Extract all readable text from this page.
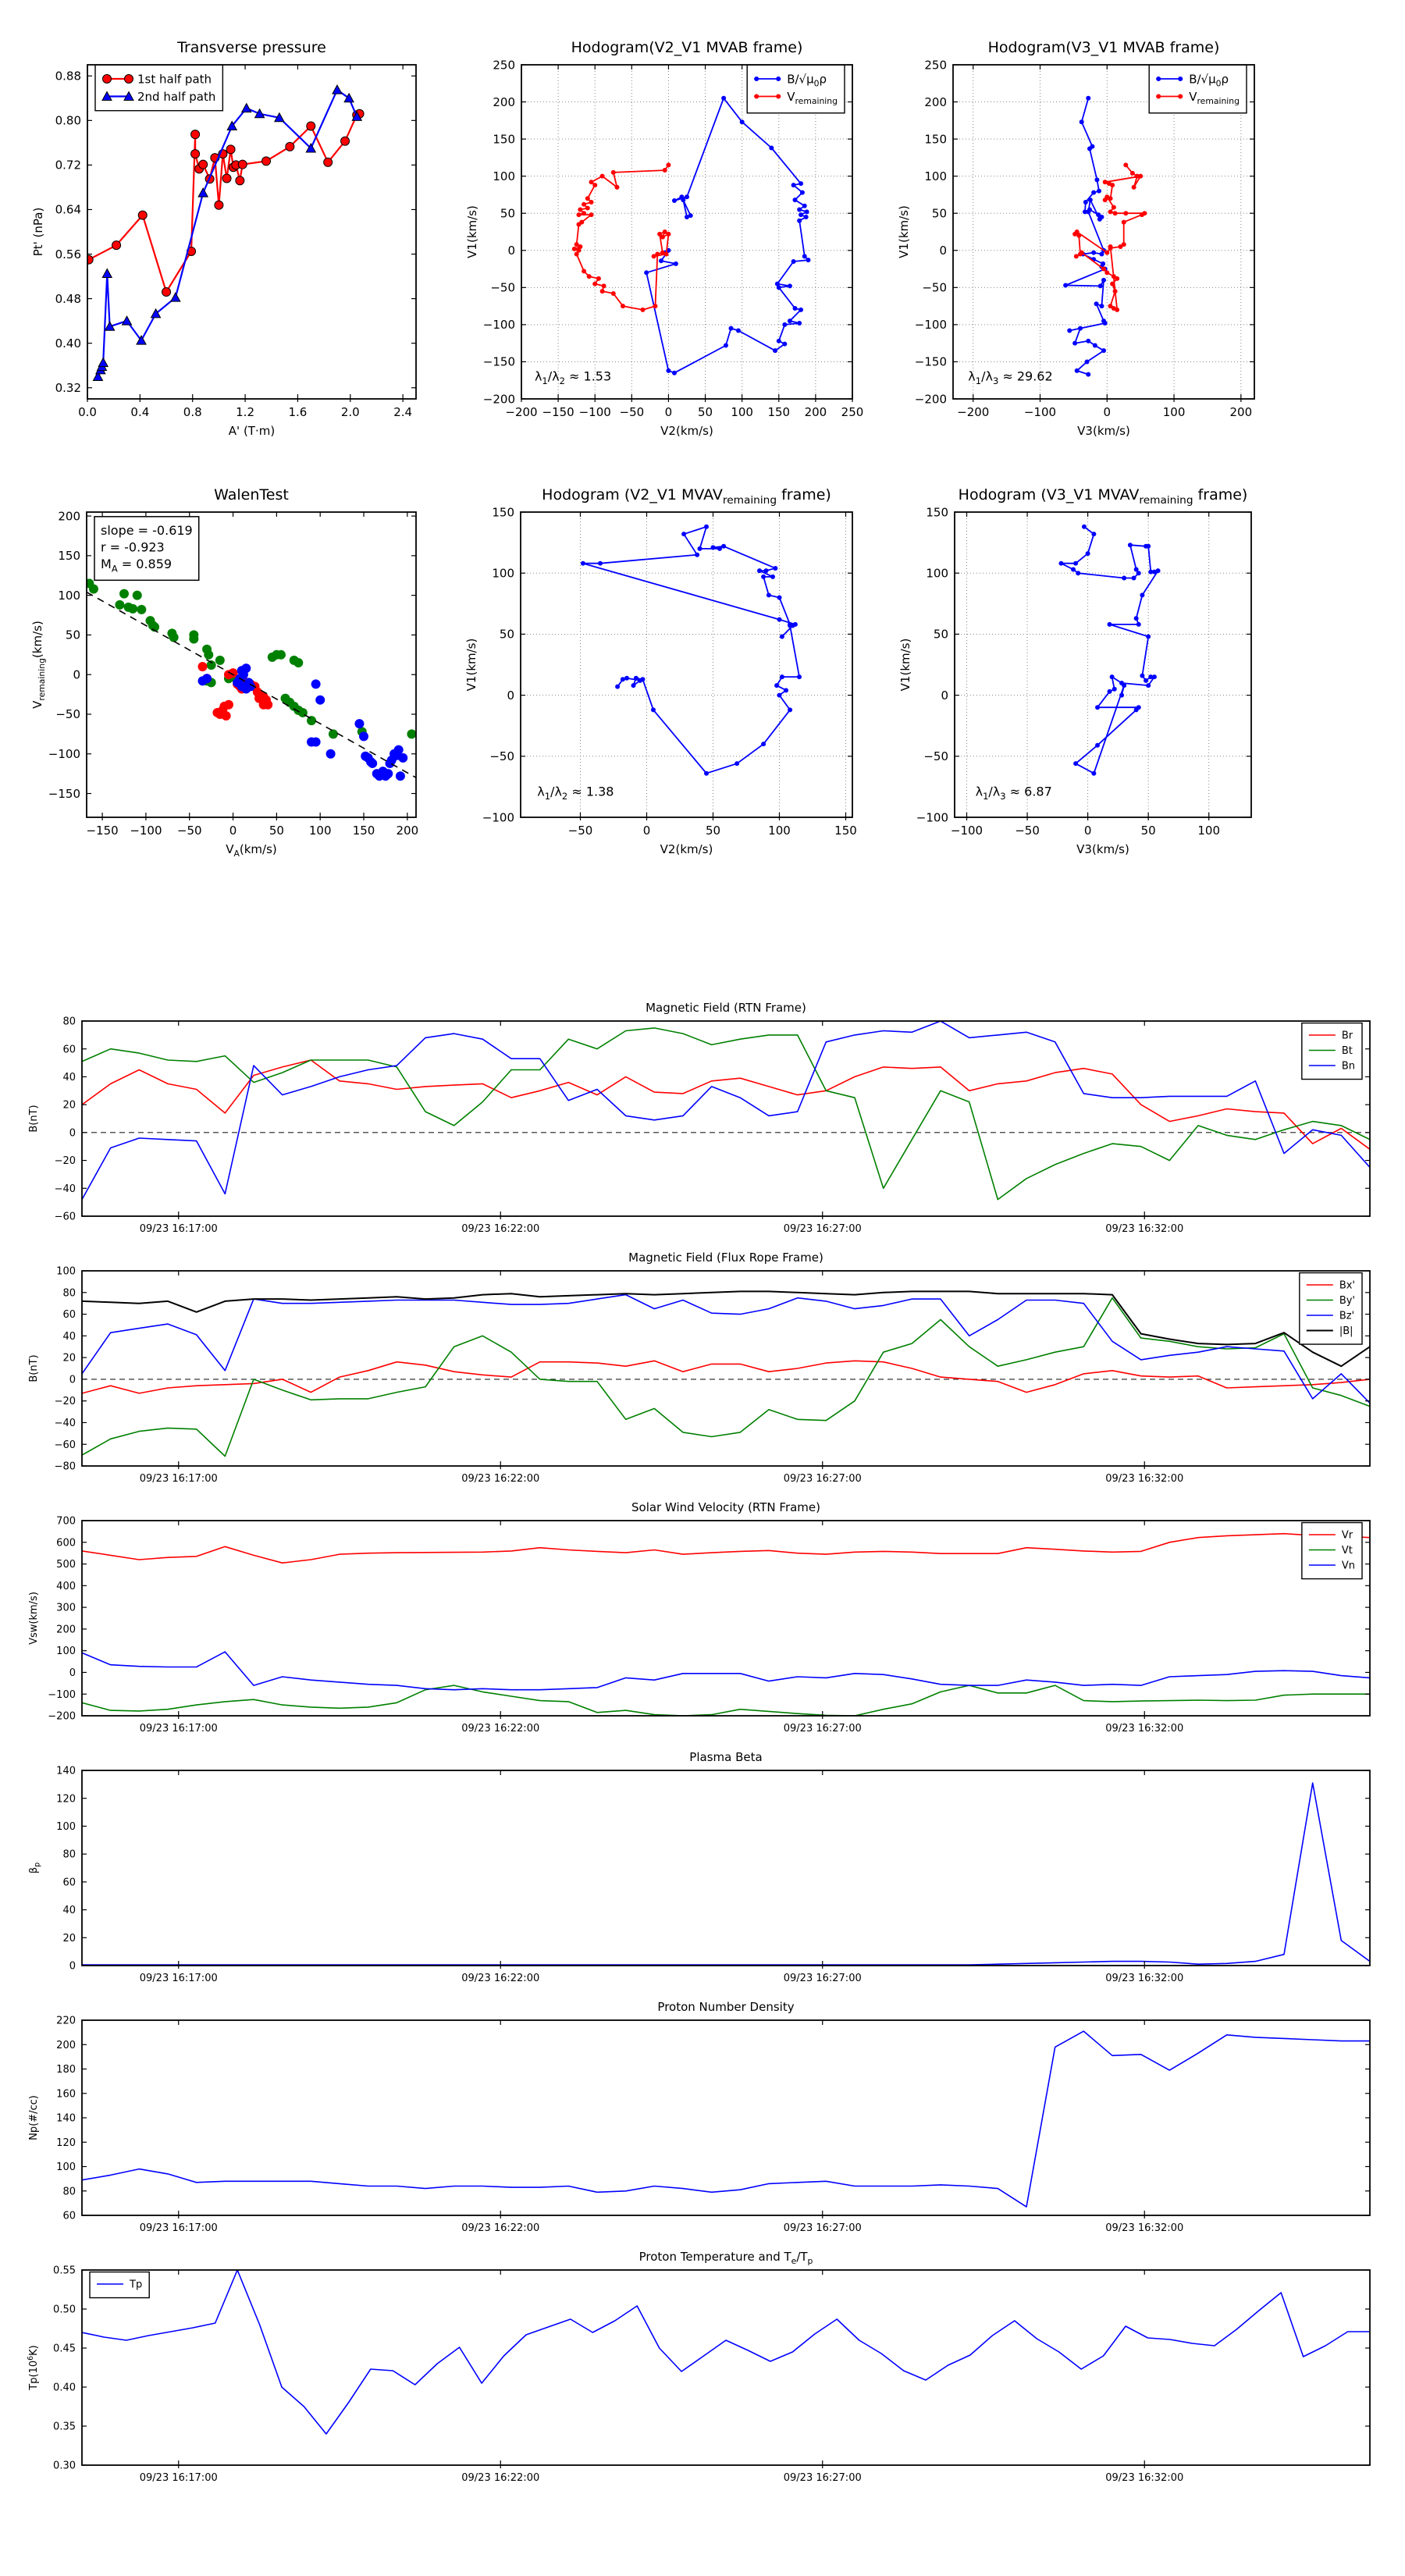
0.0	0.4	0.8	1.2	1.6	2.0	2.4
0.32
0.40
0.48
0.56
0.64
0.72
0.80
0.88
Transverse pressure
A' (T·m)
Pt' (nPa)
1st half path
2nd half path
−200 −150 −100 −50 0 50 100 150 200 250
−200
−150
−100
−50
0
50
100
150
200
250
Hodogram(V2_V1 MVAB frame)
V2(km/s)
V1(km/s)
$\lambda_1/\lambda_2 \approx 1.53$
$B/√\mu_0\rho$
$V_{remaining}$
−200	−100	0	100	200
−200
−150
−100
−50
0
50
100
150
200
250
Hodogram(V3_V1 MVAB frame)
V3(km/s)
V1(km/s)
$\lambda_1/\lambda_3 \approx 29.62$
$B/√\mu_0\rho$
$V_{remaining}$
−150 −100 −50 0	50 100 150 200
−150
−100
−50
0
50
100
150
200
WalenTest
$V_A(km/s)$
$V_{remaining}(km/s)$
slope = -0.619
r = -0.923
$M_A = 0.859$
−50	0	50	100	150
−100
−50
0
50
100
150
Hodogram (V2_V1 $MVAV_{remaining}$ frame)
V2(km/s)
V1(km/s)
$\lambda_1/\lambda_2 \approx 1.38$
−100	−50	0	50	100
−100
−50
0
50
100
150
Hodogram (V3_V1 $MVAV_{remaining}$ frame)
V3(km/s)
V1(km/s)
$\lambda_1/\lambda_3 \approx 6.87$
09/23 16:17:00	09/23 16:22:00	09/23 16:27:00	09/23 16:32:00
−60
−40
−20
0
20
40
60
80
Magnetic Field (RTN Frame)
B(nT)
Br
Bt
Bn
09/23 16:17:00	09/23 16:22:00	09/23 16:27:00	09/23 16:32:00
−80
−60
−40
−20
0
20
40
60
80
100
Magnetic Field (Flux Rope Frame)
B(nT)
Bx'
By'
Bz'
|B|
09/23 16:17:00	09/23 16:22:00	09/23 16:27:00	09/23 16:32:00
−200
−100
0
100
200
300
400
500
600
700
Solar Wind Velocity (RTN Frame)
Vsw(km/s)
Vr
Vt
Vn
09/23 16:17:00	09/23 16:22:00	09/23 16:27:00	09/23 16:32:00
0
20
40
60
80
100
120
140
Plasma Beta
$\beta_p$
09/23 16:17:00	09/23 16:22:00	09/23 16:27:00	09/23 16:32:00
60
80
100
120
140
160
180
200
220
Proton Number Density
Np(#/cc)
09/23 16:17:00	09/23 16:22:00	09/23 16:27:00	09/23 16:32:00
0.30
0.35
0.40
0.45
0.50
0.55
Proton Temperature and $T_e/T_p$
$Tp(10^6K)$
Tp
